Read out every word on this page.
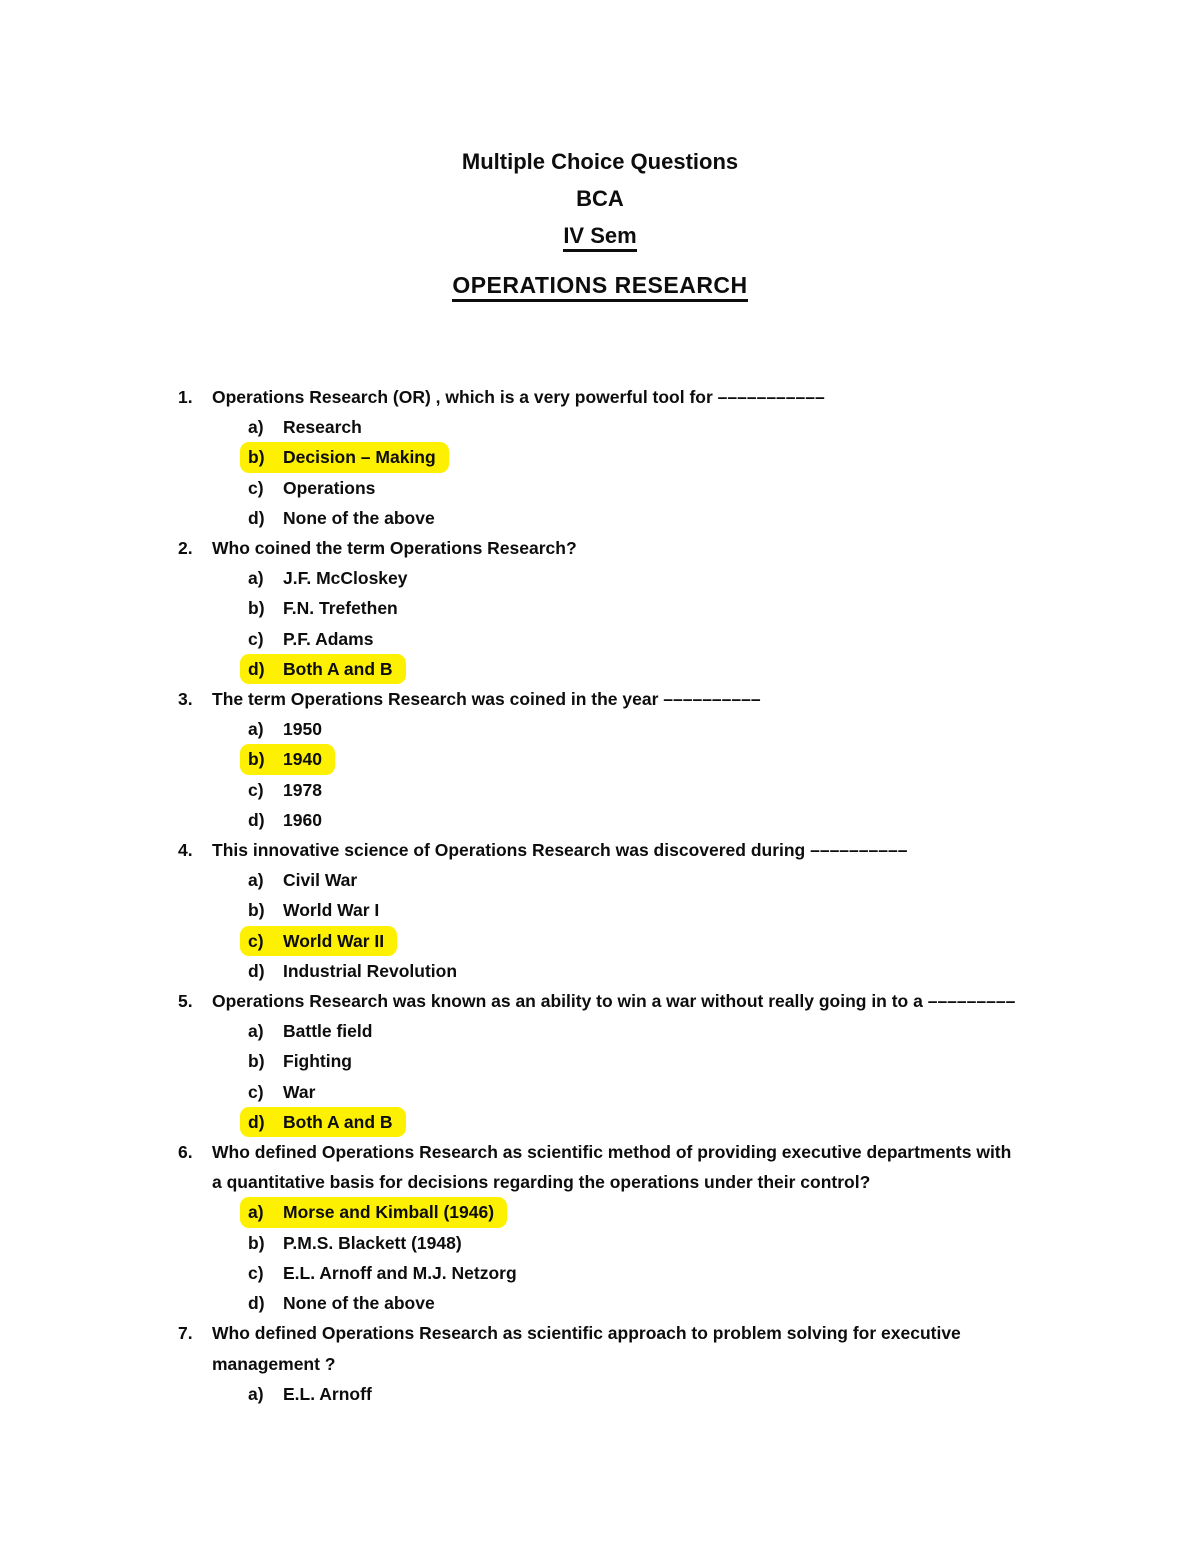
Multiple Choice Questions
BCA
IV Sem
OPERATIONS RESEARCH
1.	Operations Research (OR) , which is a very powerful tool for –––––––––––
a)	Research
b)	Decision – Making
c)	Operations
d)	None of the above
2.	Who coined the term Operations Research?
a)	J.F. McCloskey
b)	F.N. Trefethen
c)	P.F. Adams
d)	Both A and B
3.	The term Operations Research was coined in the year ––––––––––
a)	1950
b)	1940
c)	1978
d)	1960
4.	This innovative science of Operations Research was discovered during ––––––––––
a)	Civil War
b)	World War I
c)	World War II
d)	Industrial Revolution
5.	Operations Research was known as an ability to win a war without really going in to a –––––––––
a)	Battle field
b)	Fighting
c)	War
d)	Both A and B
6.	Who defined Operations Research as scientific method of providing executive departments with
a quantitative basis for decisions regarding the operations under their control?
a)	Morse and Kimball (1946)
b)	P.M.S. Blackett (1948)
c)	E.L. Arnoff and M.J. Netzorg
d)	None of the above
7.	Who defined Operations Research as scientific approach to problem solving for executive
management ?
a)	E.L. Arnoff
